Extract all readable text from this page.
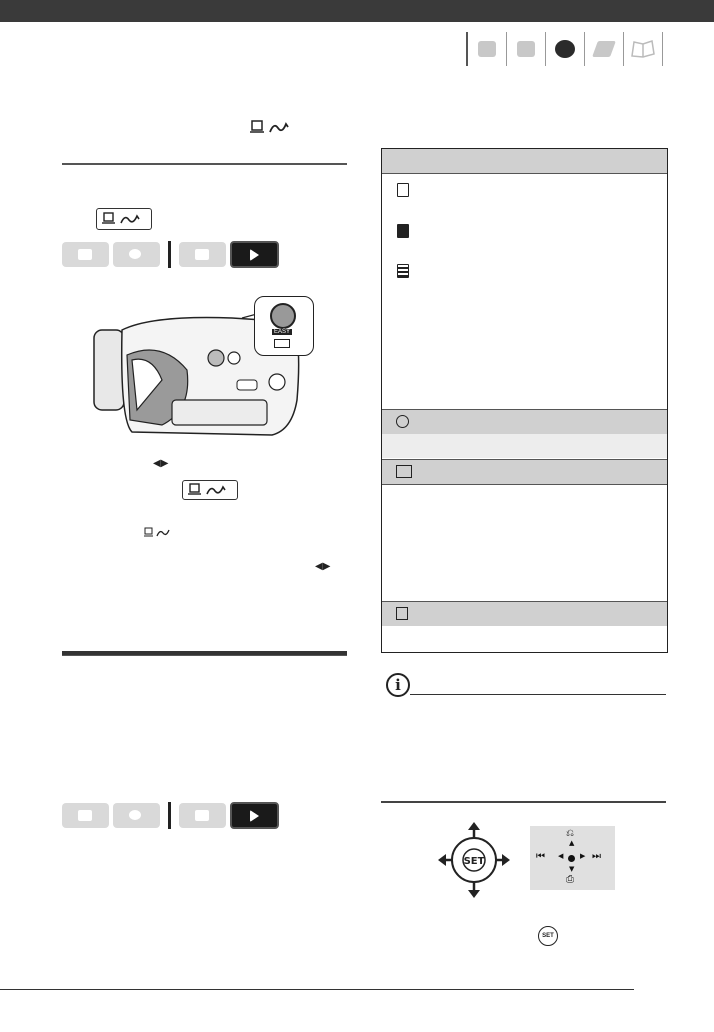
EASY
◀▶
◀▶
i
SET
⎌
▲
⏮ ◀ ▶ ⏭
▼
⎙
SET
